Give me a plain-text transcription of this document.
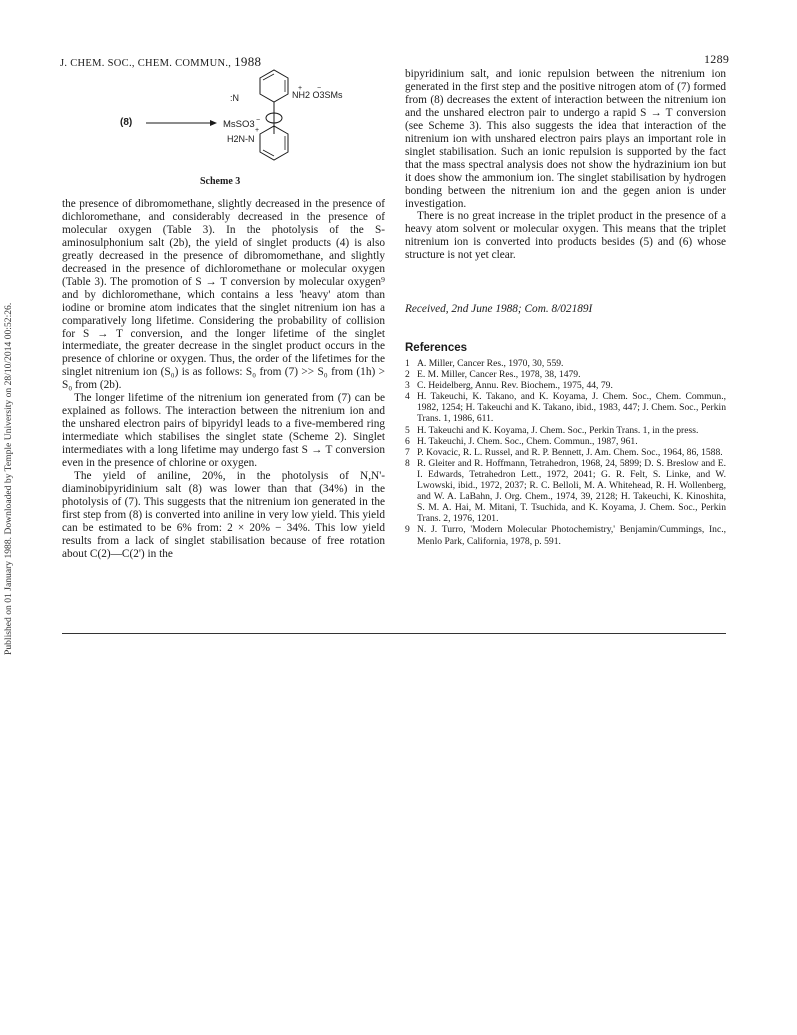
Published on 01 January 1988. Downloaded by Temple University on 28/10/2014 00:52:26.
J. CHEM. SOC., CHEM. COMMUN., 1988	1289
(8)	MsSO3 −
+
:N	NH2 O3SMs
+ −
H2N-N
Scheme 3

the presence of dibromomethane, slightly decreased in the presence of dichloromethane, and considerably decreased in the presence of molecular oxygen (Table 3). In the photolysis of the S-aminosulphonium salt (2b), the yield of singlet products (4) is also greatly decreased in the presence of dibromomethane, and slightly decreased in the presence of dichloromethane or molecular oxygen (Table 3). The promotion of S → T conversion by molecular oxygen⁹ and by dichloromethane, which contains a less 'heavy' atom than iodine or bromine atom indicates that the singlet nitrenium ion has a comparatively long lifetime. Considering the probability of collision for S → T conversion, and the longer lifetime of the singlet intermediate, the greater decrease in the singlet product occurs in the presence of chlorine or oxygen. Thus, the order of the lifetimes for the singlet nitrenium ion (S₀) is as follows: S₀ from (7) >> S₀ from (1h) > S₀ from (2b).

The longer lifetime of the nitrenium ion generated from (7) can be explained as follows. The interaction between the nitrenium ion and the unshared electron pairs of bipyridyl leads to a five-membered ring intermediate which stabilises the singlet state (Scheme 2). Singlet intermediates with a long lifetime may undergo fast S → T conversion even in the presence of chlorine or oxygen.

The yield of aniline, 20%, in the photolysis of N,N'-diaminobipyridinium salt (8) was lower than that (34%) in the photolysis of (7). This suggests that the nitrenium ion generated in the first step from (8) is converted into aniline in very low yield. This yield can be estimated to be 6% from: 2 × 20% − 34%. This low yield results from a lack of singlet stabilisation because of free rotation about C(2)—C(2') in the

bipyridinium salt, and ionic repulsion between the nitrenium ion generated in the first step and the positive nitrogen atom of (7) formed from (8) decreases the extent of interaction between the nitrenium ion and the unshared electron pair to undergo a rapid S → T conversion (see Scheme 3). This also suggests the idea that interaction of the nitrenium ion with unshared electron pairs plays an important role in singlet stabilisation. Such an ionic repulsion is supported by the fact that the mass spectral analysis does not show the hydrazinium ion but it does show the ammonium ion. The singlet stabilisation by hydrogen bonding between the nitrenium ion and the gegen anion is under investigation.

There is no great increase in the triplet product in the presence of a heavy atom solvent or molecular oxygen. This means that the triplet nitrenium ion is converted into products besides (5) and (6) whose structure is not yet clear.

Received, 2nd June 1988; Com. 8/02189I
References
1 A. Miller, Cancer Res., 1970, 30, 559.
2 E. M. Miller, Cancer Res., 1978, 38, 1479.
3 C. Heidelberg, Annu. Rev. Biochem., 1975, 44, 79.
4 H. Takeuchi, K. Takano, and K. Koyama, J. Chem. Soc., Chem. Commun., 1982, 1254; H. Takeuchi and K. Takano, ibid., 1983, 447; J. Chem. Soc., Perkin Trans. 1, 1986, 611.
5 H. Takeuchi and K. Koyama, J. Chem. Soc., Perkin Trans. 1, in the press.
6 H. Takeuchi, J. Chem. Soc., Chem. Commun., 1987, 961.
7 P. Kovacic, R. L. Russel, and R. P. Bennett, J. Am. Chem. Soc., 1964, 86, 1588.
8 R. Gleiter and R. Hoffmann, Tetrahedron, 1968, 24, 5899; D. S. Breslow and E. I. Edwards, Tetrahedron Lett., 1972, 2041; G. R. Felt, S. Linke, and W. Lwowski, ibid., 1972, 2037; R. C. Belloli, M. A. Whitehead, R. H. Wollenberg, and W. A. LaBahn, J. Org. Chem., 1974, 39, 2128; H. Takeuchi, K. Kinoshita, S. M. A. Hai, M. Mitani, T. Tsuchida, and K. Koyama, J. Chem. Soc., Perkin Trans. 2, 1976, 1201.
9 N. J. Turro, 'Modern Molecular Photochemistry,' Benjamin/Cummings, Inc., Menlo Park, California, 1978, p. 591.
